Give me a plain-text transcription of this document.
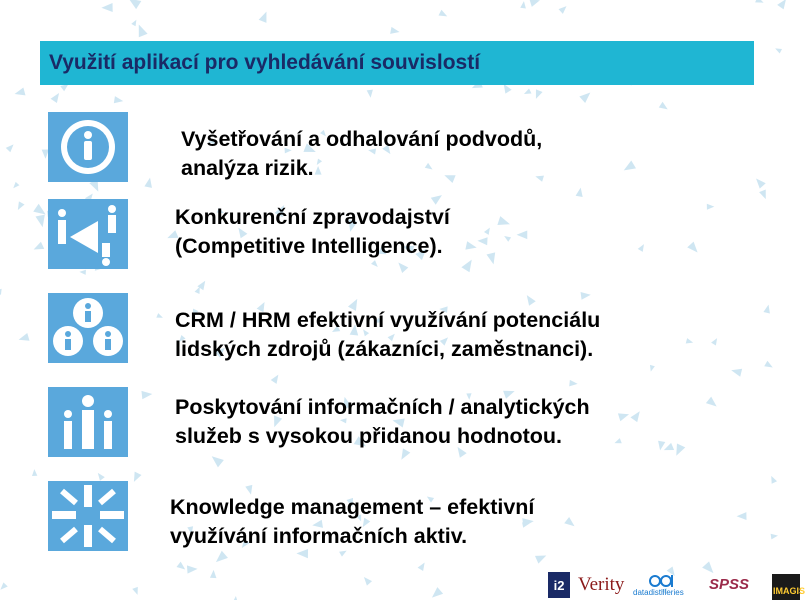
Využití aplikací pro vyhledávání souvislostí
Vyšetřování a odhalování podvodů,
analýza rizik.
Konkurenční zpravodajství
(Competitive Intelligence).
CRM / HRM efektivní využívání potenciálu
lidských zdrojů (zákazníci, zaměstnanci).
Poskytování informačních / analytických
služeb s vysokou přidanou hodnotou.
Knowledge management – efektivní
využívání informačních aktiv.
i2 Verity datadistilleries	SPSS	IMAGIS
